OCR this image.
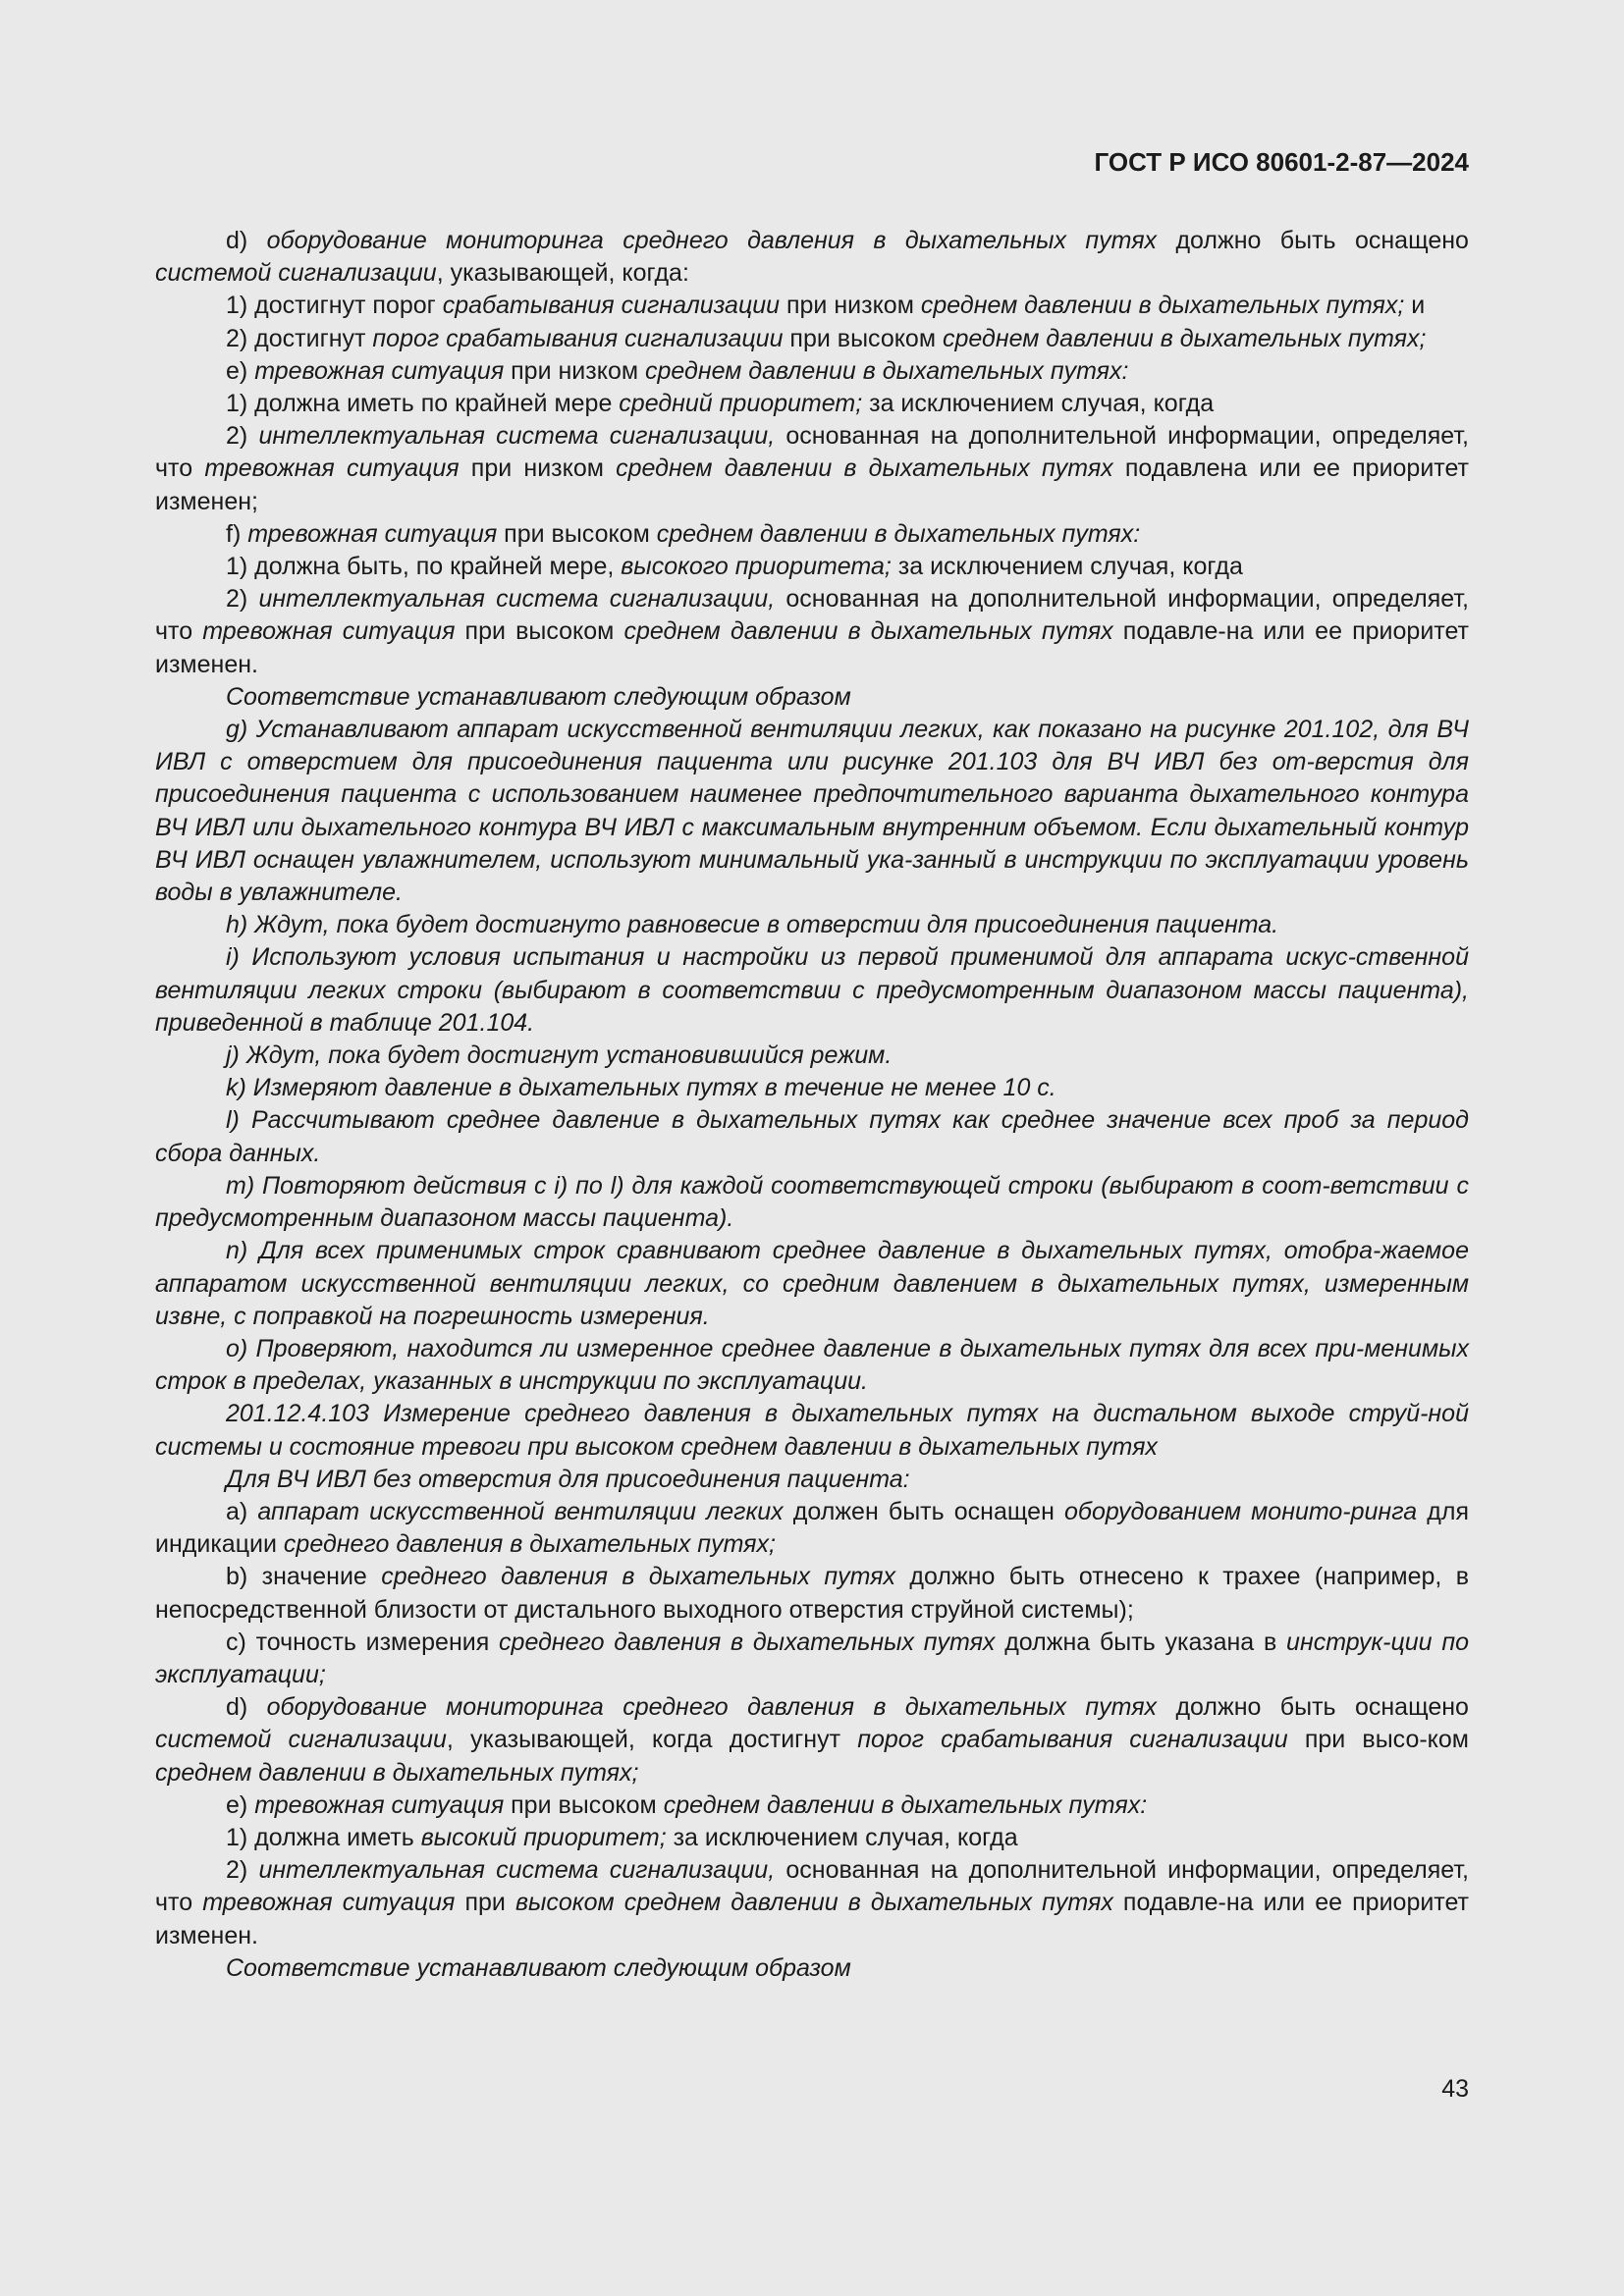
ГОСТ Р ИСО 80601-2-87—2024

d) оборудование мониторинга среднего давления в дыхательных путях должно быть оснащено системой сигнализации, указывающей, когда:

1) достигнут порог срабатывания сигнализации при низком среднем давлении в дыхательных путях; и

2) достигнут порог срабатывания сигнализации при высоком среднем давлении в дыхательных путях;

e) тревожная ситуация при низком среднем давлении в дыхательных путях:

1) должна иметь по крайней мере средний приоритет; за исключением случая, когда

2) интеллектуальная система сигнализации, основанная на дополнительной информации, определяет, что тревожная ситуация при низком среднем давлении в дыхательных путях подавлена или ее приоритет изменен;

f) тревожная ситуация при высоком среднем давлении в дыхательных путях:

1) должна быть, по крайней мере, высокого приоритета; за исключением случая, когда

2) интеллектуальная система сигнализации, основанная на дополнительной информации, определяет, что тревожная ситуация при высоком среднем давлении в дыхательных путях подавле-на или ее приоритет изменен.

Соответствие устанавливают следующим образом

g) Устанавливают аппарат искусственной вентиляции легких, как показано на рисунке 201.102, для ВЧ ИВЛ с отверстием для присоединения пациента или рисунке 201.103 для ВЧ ИВЛ без от-верстия для присоединения пациента с использованием наименее предпочтительного варианта дыхательного контура ВЧ ИВЛ или дыхательного контура ВЧ ИВЛ с максимальным внутренним объемом. Если дыхательный контур ВЧ ИВЛ оснащен увлажнителем, используют минимальный ука-занный в инструкции по эксплуатации уровень воды в увлажнителе.

h) Ждут, пока будет достигнуто равновесие в отверстии для присоединения пациента.

i) Используют условия испытания и настройки из первой применимой для аппарата искус-ственной вентиляции легких строки (выбирают в соответствии с предусмотренным диапазоном массы пациента), приведенной в таблице 201.104.

j) Ждут, пока будет достигнут установившийся режим.

k) Измеряют давление в дыхательных путях в течение не менее 10 с.

l) Рассчитывают среднее давление в дыхательных путях как среднее значение всех проб за период сбора данных.

m) Повторяют действия с i) по l) для каждой соответствующей строки (выбирают в соот-ветствии с предусмотренным диапазоном массы пациента).

n) Для всех применимых строк сравнивают среднее давление в дыхательных путях, отобра-жаемое аппаратом искусственной вентиляции легких, со средним давлением в дыхательных путях, измеренным извне, с поправкой на погрешность измерения.

o) Проверяют, находится ли измеренное среднее давление в дыхательных путях для всех при-менимых строк в пределах, указанных в инструкции по эксплуатации.

201.12.4.103 Измерение среднего давления в дыхательных путях на дистальном выходе струй-ной системы и состояние тревоги при высоком среднем давлении в дыхательных путях

Для ВЧ ИВЛ без отверстия для присоединения пациента:

a) аппарат искусственной вентиляции легких должен быть оснащен оборудованием монито-ринга для индикации среднего давления в дыхательных путях;

b) значение среднего давления в дыхательных путях должно быть отнесено к трахее (например, в непосредственной близости от дистального выходного отверстия струйной системы);

c) точность измерения среднего давления в дыхательных путях должна быть указана в инструк-ции по эксплуатации;

d) оборудование мониторинга среднего давления в дыхательных путях должно быть оснащено системой сигнализации, указывающей, когда достигнут порог срабатывания сигнализации при высо-ком среднем давлении в дыхательных путях;

e) тревожная ситуация при высоком среднем давлении в дыхательных путях:

1) должна иметь высокий приоритет; за исключением случая, когда

2) интеллектуальная система сигнализации, основанная на дополнительной информации, определяет, что тревожная ситуация при высоком среднем давлении в дыхательных путях подавле-на или ее приоритет изменен.

Соответствие устанавливают следующим образом

43
